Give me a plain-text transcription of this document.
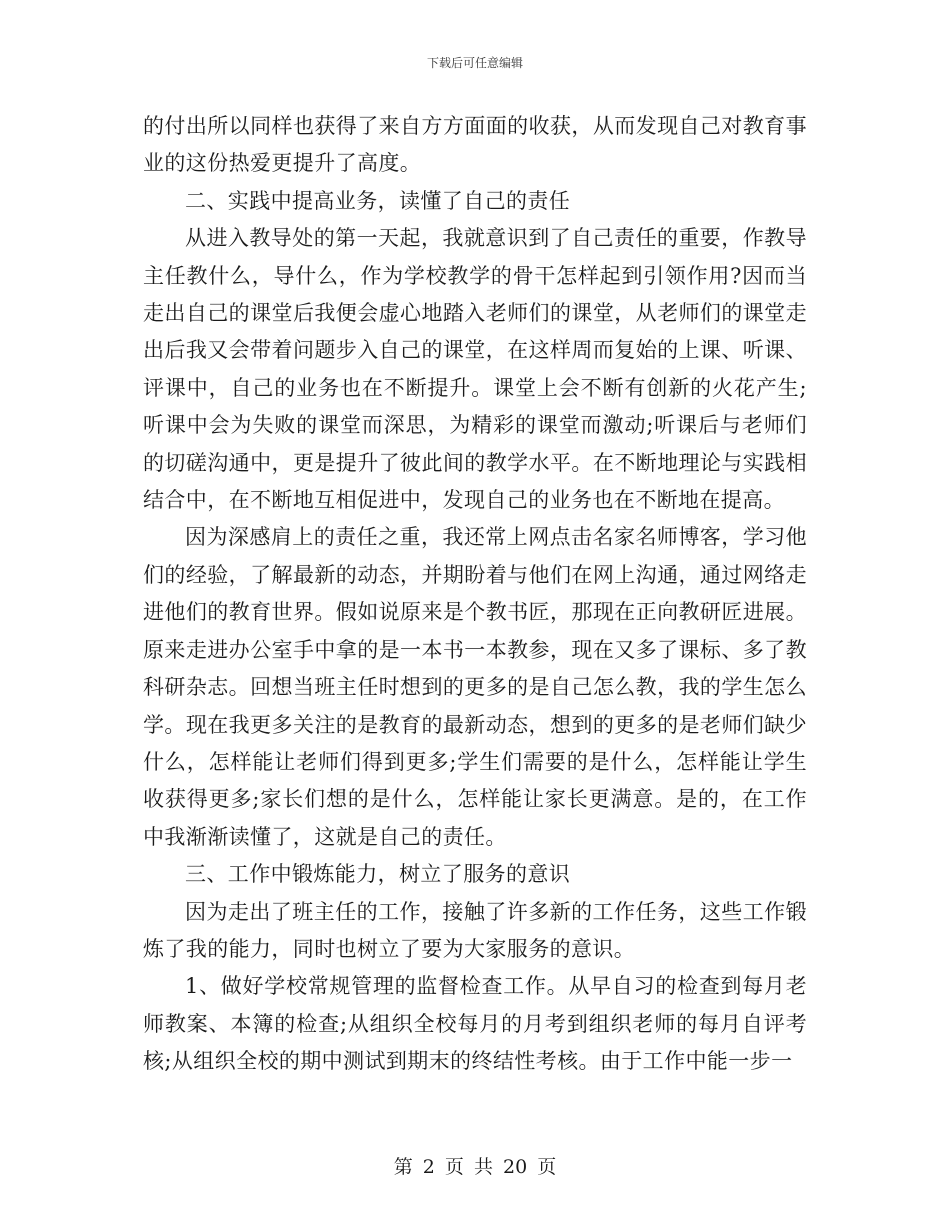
下载后可任意编辑

的付出所以同样也获得了来自方方面面的收获，从而发现自己对教育事业的这份热爱更提升了高度。

二、实践中提高业务，读懂了自己的责任

从进入教导处的第一天起，我就意识到了自己责任的重要，作教导主任教什么，导什么，作为学校教学的骨干怎样起到引领作用?因而当走出自己的课堂后我便会虚心地踏入老师们的课堂，从老师们的课堂走出后我又会带着问题步入自己的课堂，在这样周而复始的上课、听课、评课中，自己的业务也在不断提升。课堂上会不断有创新的火花产生;听课中会为失败的课堂而深思，为精彩的课堂而激动;听课后与老师们的切磋沟通中，更是提升了彼此间的教学水平。在不断地理论与实践相结合中，在不断地互相促进中，发现自己的业务也在不断地在提高。

因为深感肩上的责任之重，我还常上网点击名家名师博客，学习他们的经验，了解最新的动态，并期盼着与他们在网上沟通，通过网络走进他们的教育世界。假如说原来是个教书匠，那现在正向教研匠进展。原来走进办公室手中拿的是一本书一本教参，现在又多了课标、多了教科研杂志。回想当班主任时想到的更多的是自己怎么教，我的学生怎么学。现在我更多关注的是教育的最新动态，想到的更多的是老师们缺少什么，怎样能让老师们得到更多;学生们需要的是什么，怎样能让学生收获得更多;家长们想的是什么，怎样能让家长更满意。是的，在工作中我渐渐读懂了，这就是自己的责任。

三、工作中锻炼能力，树立了服务的意识

因为走出了班主任的工作，接触了许多新的工作任务，这些工作锻炼了我的能力，同时也树立了要为大家服务的意识。

1、做好学校常规管理的监督检查工作。从早自习的检查到每月老师教案、本簿的检查;从组织全校每月的月考到组织老师的每月自评考核;从组织全校的期中测试到期末的终结性考核。由于工作中能一步一

第 2 页 共 20 页
